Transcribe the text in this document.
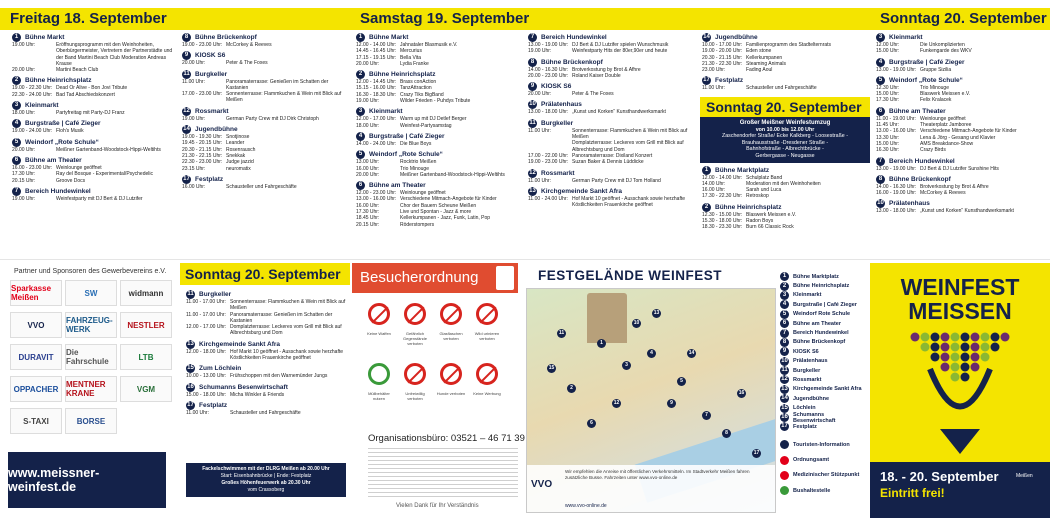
Freitag 18. September
1	Bühne Markt
19.00 Uhr:	Eröffnungsprogramm mit den Weinhoheiten, Oberbürgermeister, Vertretern der Partnerstädte und der Band Martini Beach Club Moderation Andreas Krause
20.00 Uhr:	Martini Beach Club
2	Bühne Heinrichsplatz
19.00 - 22.30 Uhr: Dead Or Alive - Bon Jovi Tribute
22.30 - 24.00 Uhr: Bad Tad Abschiedskonzert
3	Kleinmarkt
18.00 Uhr:	Partyfreitag mit Party-DJ Franz
4	Burgstraße | Café Zieger
19.00 - 24.00 Uhr: Floh's Musik
5	Weindorf „Rote Schule“
20.00 Uhr:	Meißner Gartenband-Woodstock-Hippi-Weltihts
6	Bühne am Theater
16.00 - 23.00 Uhr: Weinlounge geöffnet
17.30 Uhr:	Ray del Bosque - Experimental/Psychedelic
20.15 Uhr:	Groove Docs
7	Bereich Hundewinkel
19.00 Uhr:	Weinfestparty mit DJ Bert & DJ Lutzifer
8	Bühne Brückenkopf
19.00 - 23.00 Uhr: McCorkey & Reeves
9	KIOSK S6
20.00 Uhr:	Peter & The Foxes
11 Burgkeller
11.00 Uhr:	Panoramaterrasse: Genießen im Schatten der Kastanien
17.00 - 23.00 Uhr: Sonnenterrasse: Flammkuchen & Wein mit Blick auf Meißen
12 Rossmarkt
19.00 Uhr:	German Party Crew mit DJ Dirk Christoph
14 Jugendbühne
19.00 - 19.30 Uhr: Snotjinose
19.45 - 20.15 Uhr: Leander
20.30 - 21.15 Uhr: Rosenrausch
21.30 - 22.15 Uhr: Snekkak
22.30 - 23.00 Uhr: Judge jazzid
23.15 Uhr:	neuromatix
17 Festplatz
16.00 Uhr:	Schausteller und Fahrgeschäfte
Samstag 19. September
1	Bühne Markt
12.00 - 14.00 Uhr: Jahnataler Blasmusik e.V.
14.45 - 16.45 Uhr: Mercurius
17.15 - 19.15 Uhr: Bella Vita
20.00 Uhr:	Lydia Franke
2	Bühne Heinrichsplatz
12.00 - 14.45 Uhr: Brass conAction
15.15 - 16.00 Uhr: TanzAttraction
16.30 - 18.30 Uhr: Crazy Tiks BigBand
19.00 Uhr:	Wilder Frieden - Puhdys Tribute
3	Kleinmarkt
12.00 - 17.00 Uhr: Warm up mit DJ Detlef Berger
18.00 Uhr:	Weinfest-Partysamstag
4	Burgstraße | Café Zieger
14.00 - 24.00 Uhr: Die Blue Boys
5	Weindorf „Rote Schule“
13.00 Uhr:	Rocktrio Meißen
16.00 Uhr:	Trio Minouge
20.00 Uhr:	Meißner Gartenband-Woodstock-Hippi-Weltihts
6	Bühne am Theater
12.00 - 23.00 Uhr: Weinlounge geöffnet
13.00 - 16.00 Uhr: Verschiedene Mitmach-Angebote für Kinder
16.00 Uhr:	Chor der Bauern Scheune Meißen
17.30 Uhr:	Live und Spontan - Jazz & more
18.45 Uhr:	Kellerkumpanen - Jazz, Funk, Latin, Pop
20.15 Uhr:	Röderstompers
7	Bereich Hundewinkel
13.00 - 19.00 Uhr: DJ Bert & DJ Lutzifer spielen Wunschmusik
19.00 Uhr:	Weinfestparty Hits der 80er,90er und heute
8	Bühne Brückenkopf
14.00 - 16.30 Uhr: Brotverkostung by Brot & Afhre
20.00 - 23.00 Uhr: Roland Kaiser Double
9	KIOSK S6
20.00 Uhr:	Peter & The Foxes
10 Prälatenhaus
13.00 - 18.00 Uhr: „Kunst und Korken“ Kunsthandwerksmarkt
11 Burgkeller
11.00 Uhr:	Sonnenterrasse: Flammkuchen & Wein mit Blick auf Meißen
Domplatzterrasse: Leckeres vom Grill mit Blick auf Albrechtsburg und Dom
17.00 - 22.00 Uhr: Panoramaterrasse: Dixiland Konzert
19.00 - 23.00 Uhr: Suzan Baker & Dennis Lüddicke
12 Rossmarkt
11.00 Uhr:	German Party Crew mit DJ Tom Holland
13 Kirchgemeinde Sankt Afra
11.00 - 24.00 Uhr: Hof Markt 10 geöffnet - Ausschank sowie herzhafte Köstlichkeiten Frauenkirche geöffnet
14 Jugendbühne
10.00 - 17.00 Uhr: Familienprogramm des Stadtelternrats
19.00 - 20.00 Uhr: Eden stone
20.30 - 21.15 Uhr: Kellerkumpanen
21.30 - 22.30 Uhr: Steaming Animals
23.00 Uhr:	Fading Aoul
17 Festplatz
11.00 Uhr:	Schausteller und Fahrgeschäfte
Sonntag 20. September
Großer Meißner Weinfestumzug
von 10.00 bis 12.00 Uhr
Zaschendorfer Straße/ Ecke Kalkberg - Loosestraße -
Brauhausstraße -Dresdener Straße -
Bahnhofstraße - Albrechtbrücke -
Gerbergasse - Neugasse
1	Bühne Marktplatz
12.00 - 14.00 Uhr: Schulplatz Band
14.00 Uhr:	Moderation mit den Weinhoheiten
16.00 Uhr:	Sarah und Luca
17.30 - 22.30 Uhr: Retroskop
2	Bühne Heinrichsplatz
12.30 - 15.00 Uhr: Blaswerk Meissen e.V.
15.30 - 18.00 Uhr: Radon Boys
18.30 - 23.30 Uhr: Burn 66 Classic Rock
Sonntag 20. September
3	Kleinmarkt
12.00 Uhr:	Die Unkomplizierten
15.00 Uhr:	Funkengarde des WKV
4	Burgstraße | Café Zieger
13.00 - 19.00 Uhr: Gruppe Sizilia
5	Weindorf „Rote Schule“
12.30 Uhr:	Trio Minouge
15.00 Uhr:	Blaswerk Meissen e.V.
17.30 Uhr:	Felix Kralacek
6	Bühne am Theater
11.00 - 19.00 Uhr: Weinlounge geöffnet
11.45 Uhr:	Theaterplatz Jamboree
13.00 - 16.00 Uhr: Verschiedene Mitmach-Angebote für Kinder
13.30 Uhr:	Lena & Jörg - Gesang und Klavier
15.00 Uhr:	AMS Breakdance-Show
16.30 Uhr:	Crazy Birds
7	Bereich Hundewinkel
13.00 - 19.00 Uhr: DJ Bert & DJ Lutzifer Sunshine Hits
8	Bühne Brückenkopf
14.00 - 16.30 Uhr: Brotverkostung by Brot & Afhre
16.00 - 19.00 Uhr: McCorkey & Reeves
10 Prälatenhaus
13.00 - 18.00 Uhr: „Kunst und Korken“ Kunsthandwerksmarkt
Partner und Sponsoren des Gewerbevereins e.V.
Sparkasse Meißen	SW	widmann
VVO	FAHRZEUG-WERK	NESTLER
DURAVIT	Die Fahrschule	LTB
OPPACHER MENTNER KRANE	VGM
S-TAXI	BORSE
www.meissner-weinfest.de
Sonntag 20. September
11 Burgkeller
11.00 - 17.00 Uhr: Sonnenterrasse: Flammkuchen & Wein mit Blick auf Meißen
11.00 - 17.00 Uhr: Panoramaterrasse: Genießen im Schatten der Kastanien
12.00 - 17.00 Uhr: Domplatzterrasse: Leckeres vom Grill mit Blick auf Albrechtsburg und Dom
13 Kirchgemeinde Sankt Afra
12.00 - 18.00 Uhr: Hof Markt 10 geöffnet - Ausschank sowie herzhafte Köstlichkeiten Frauenkirche geöffnet
15 Zum Löchlein
10.00 - 13.00 Uhr: Frühschoppen mit den Warnemünder Jungs
16 Schumanns Besenwirtschaft
15.00 - 18.00 Uhr: Micha Winkler & Friends
17 Festplatz
11.00 Uhr:	Schausteller und Fahrgeschäfte
Fackelschwimmen mit der DLRG Meißen ab 20.00 Uhr
Start: Eisenbahnbrücke | Ende: Festplatz
Großes Höhenfeuerwerk ab 20.30 Uhr
vom Crassoberg
Besucherordnung
Organisationsbüro: 03521 – 46 71 39
Vielen Dank für Ihr Verständnis
FESTGELÄNDE WEINFEST
VVO
Wir empfehlen die Anreise mit öffentlichen Verkehrsmitteln. Im Stadtverkehr Meißen fahren zusätzliche Busse. Fahrzeiten unter www.vvo-online.de
www.vvo-online.de
1
2
3
4
5
6
7
8
9
10
11
12
13
14
15
16
17
1	Bühne Marktplatz
2	Bühne Heinrichsplatz
3	Kleinmarkt
4	Burgstraße | Café Zieger
5	Weindorf Rote Schule
6	Bühne am Theater
7	Bereich Hundewinkel
8	Bühne Brückenkopf
9	KIOSK S6
10 Prälatenhaus
11 Burgkeller
12 Rossmarkt
13 Kirchgemeinde Sankt Afra
14 Jugendbühne
15 Löchlein
16 Schumanns Besenwirtschaft
17 Festplatz
Touristen-Information
Ordnungsamt
Medizinischer Stützpunkt
Bushaltestelle
WEINFEST
MEISSEN
18. - 20. September
Eintritt frei!
Meißen
Keine Waffen	Gefährlich Gegenstände verboten
Glasflaschen verboten
Wild urinieren verboten
Müllbehälter nutzen
Unfreiwillig verboten
Hunde verboten	Keine Werbung
